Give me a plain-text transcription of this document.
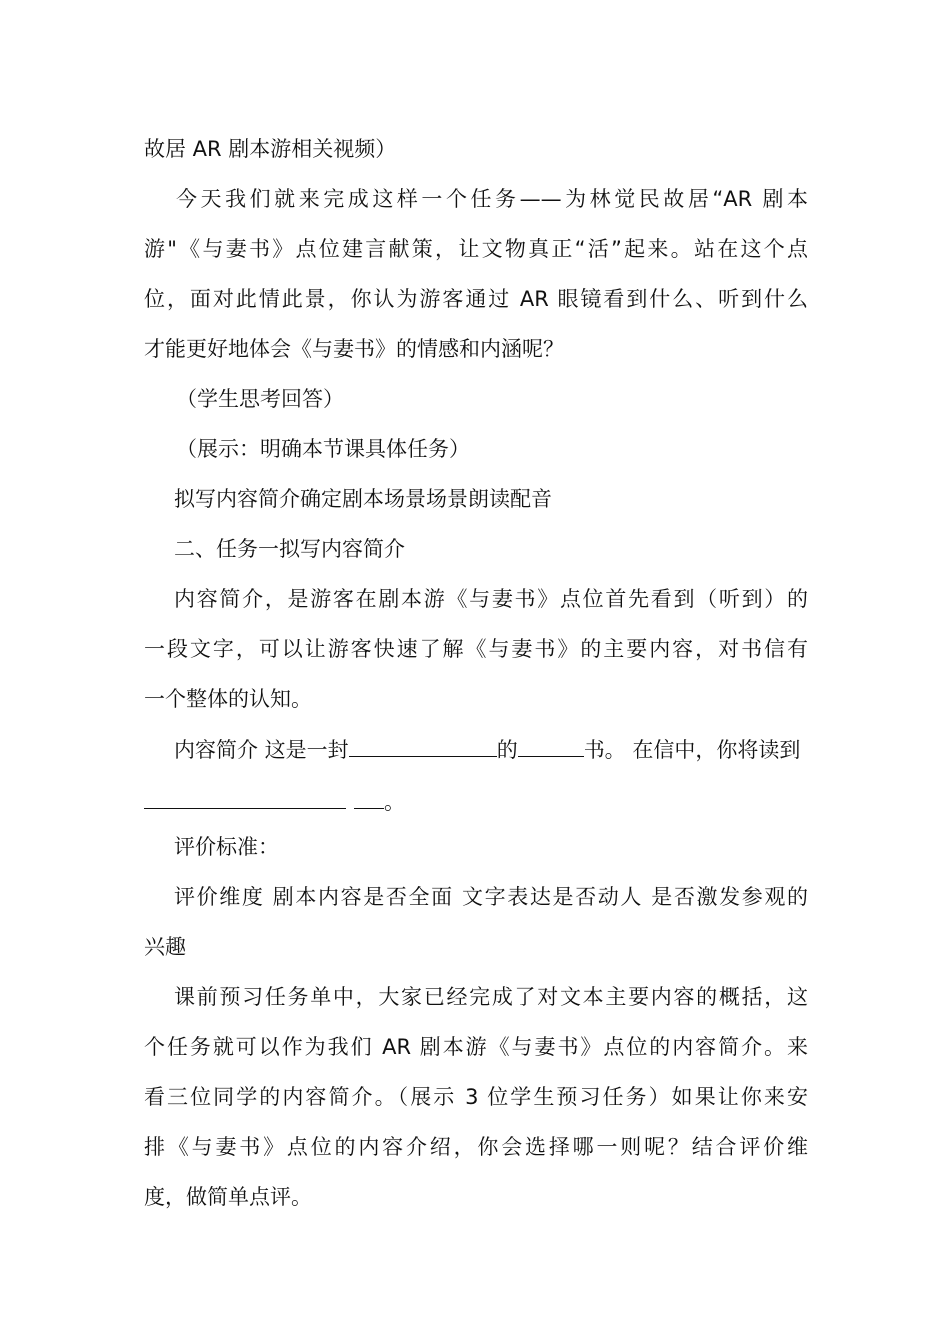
故居 AR 剧本游相关视频）
今天我们就来完成这样一个任务——为林觉民故居“AR 剧本
游"《与妻书》点位建言献策，让文物真正“活”起来。站在这个点
位，面对此情此景，你认为游客通过 AR 眼镜看到什么、听到什么
才能更好地体会《与妻书》的情感和内涵呢？
（学生思考回答）
（展示：明确本节课具体任务）
拟写内容简介确定剧本场景场景朗读配音
二、任务一拟写内容简介
内容简介，是游客在剧本游《与妻书》点位首先看到（听到）的
一段文字，可以让游客快速了解《与妻书》的主要内容，对书信有
一个整体的认知。
内容简介 这是一封	的	书。 在信中，你将读到
。
评价标准：
评价维度 剧本内容是否全面 文字表达是否动人 是否激发参观的
兴趣
课前预习任务单中，大家已经完成了对文本主要内容的概括，这
个任务就可以作为我们 AR 剧本游《与妻书》点位的内容简介。来
看三位同学的内容简介。（展示 3 位学生预习任务）如果让你来安
排《与妻书》点位的内容介绍，你会选择哪一则呢？结合评价维
度，做简单点评。
